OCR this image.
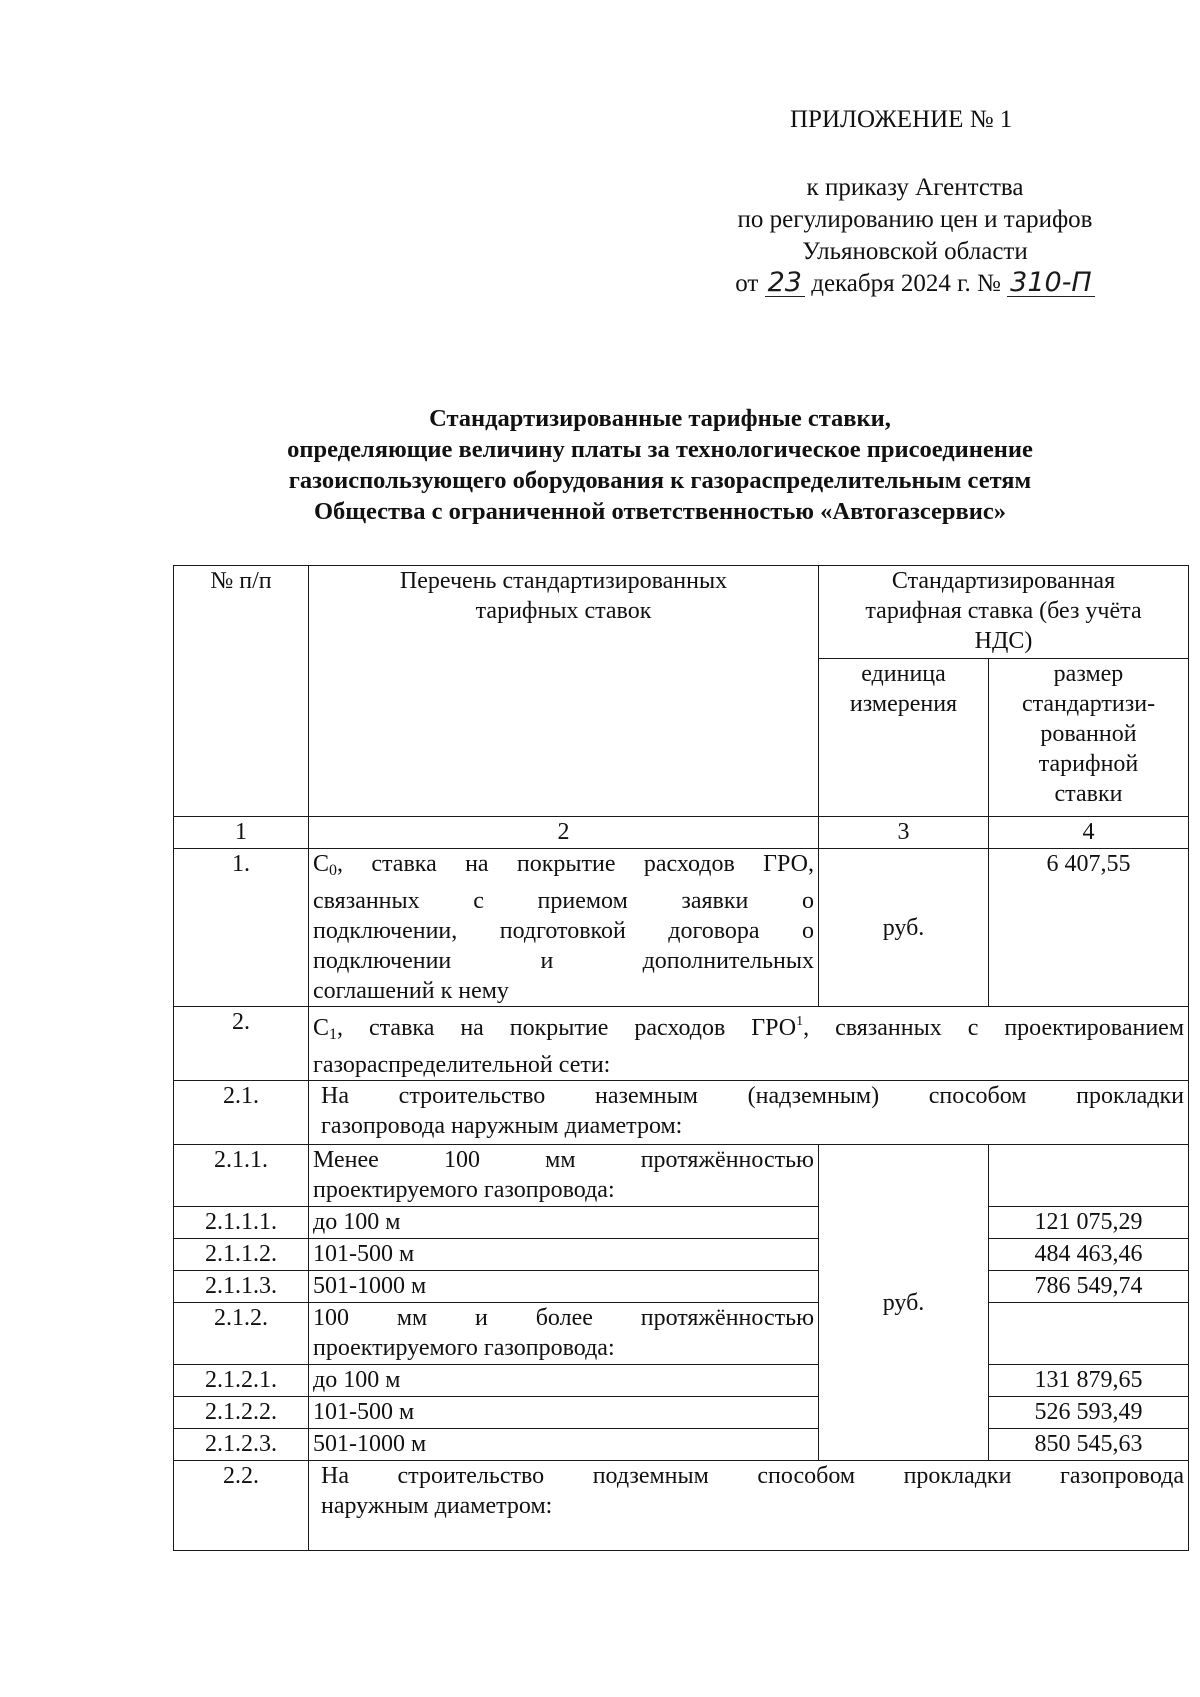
ПРИЛОЖЕНИЕ № 1
к приказу Агентства
по регулированию цен и тарифов
Ульяновской области
от 23 декабря 2024 г. № 310-П
Стандартизированные тарифные ставки,
определяющие величину платы за технологическое присоединение
газоиспользующего оборудования к газораспределительным сетям
Общества с ограниченной ответственностью «Автогазсервис»
№ п/п	Перечень стандартизированных тарифных ставок	Стандартизированная тарифная ставка (без учёта НДС)	
		единица измерения	размер стандартизи-рованной тарифной ставки
1	2	3	4
1.	$C_0$, ставка на покрытие расходов ГРО,
связанных с приемом заявки о
подключении, подготовкой договора о
подключении и дополнительных
соглашений к нему	руб.	6 407,55
2.	$C_1$, ставка на покрытие расходов ГРО$^1$, связанных с проектированием
газораспределительной сети:		

2.1.	На строительство наземным (надземным) способом прокладки
газопровода наружным диаметром:		

2.1.1.	Менее 100 мм протяжённостью
проектируемого газопровода:	руб.	
2.1.1.1.	до 100 м		121 075,29
2.1.1.2.	101-500 м		484 463,46
2.1.1.3.	501-1000 м		786 549,74
2.1.2.	100 мм и более протяжённостью
проектируемого газопровода:		

2.1.2.1.	до 100 м		131 879,65
2.1.2.2.	101-500 м		526 593,49
2.1.2.3.	501-1000 м		850 545,63
2.2.	На строительство подземным способом прокладки газопровода
наружным диаметром:		
